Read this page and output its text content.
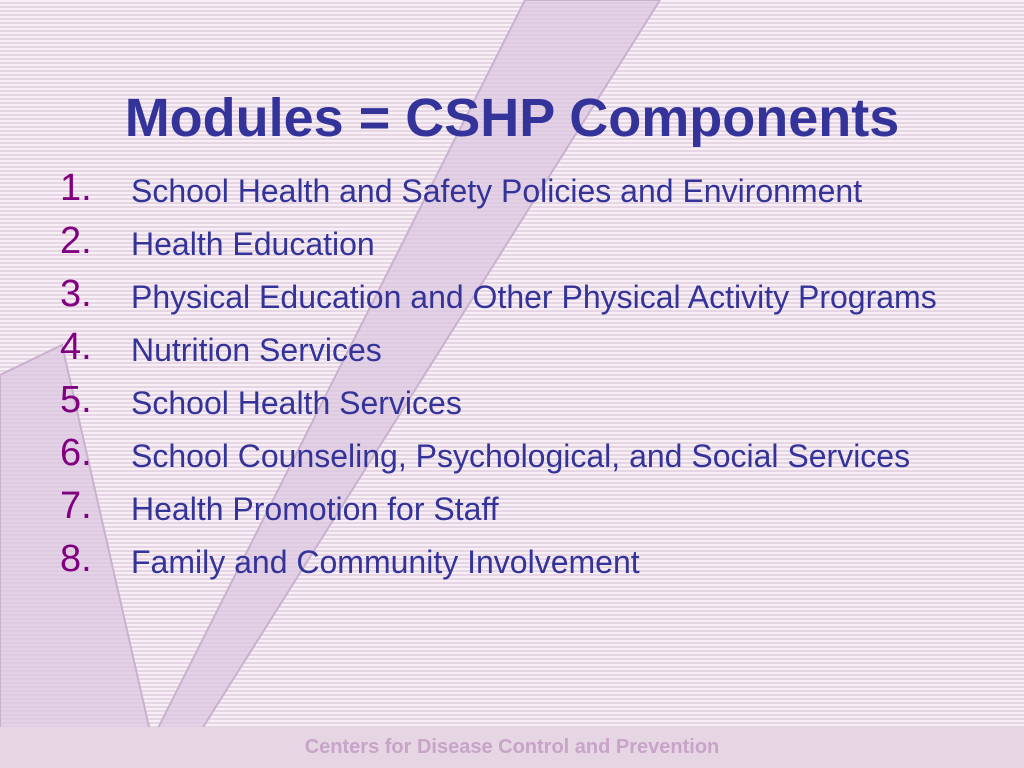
Modules = CSHP Components
1.	School Health and Safety Policies and Environment
2.	Health Education
3.	Physical Education and Other Physical Activity Programs
4.	Nutrition Services
5.	School Health Services
6.	School Counseling, Psychological, and Social Services
7.	Health Promotion for Staff
8.	Family and Community Involvement
Centers for Disease Control and Prevention
